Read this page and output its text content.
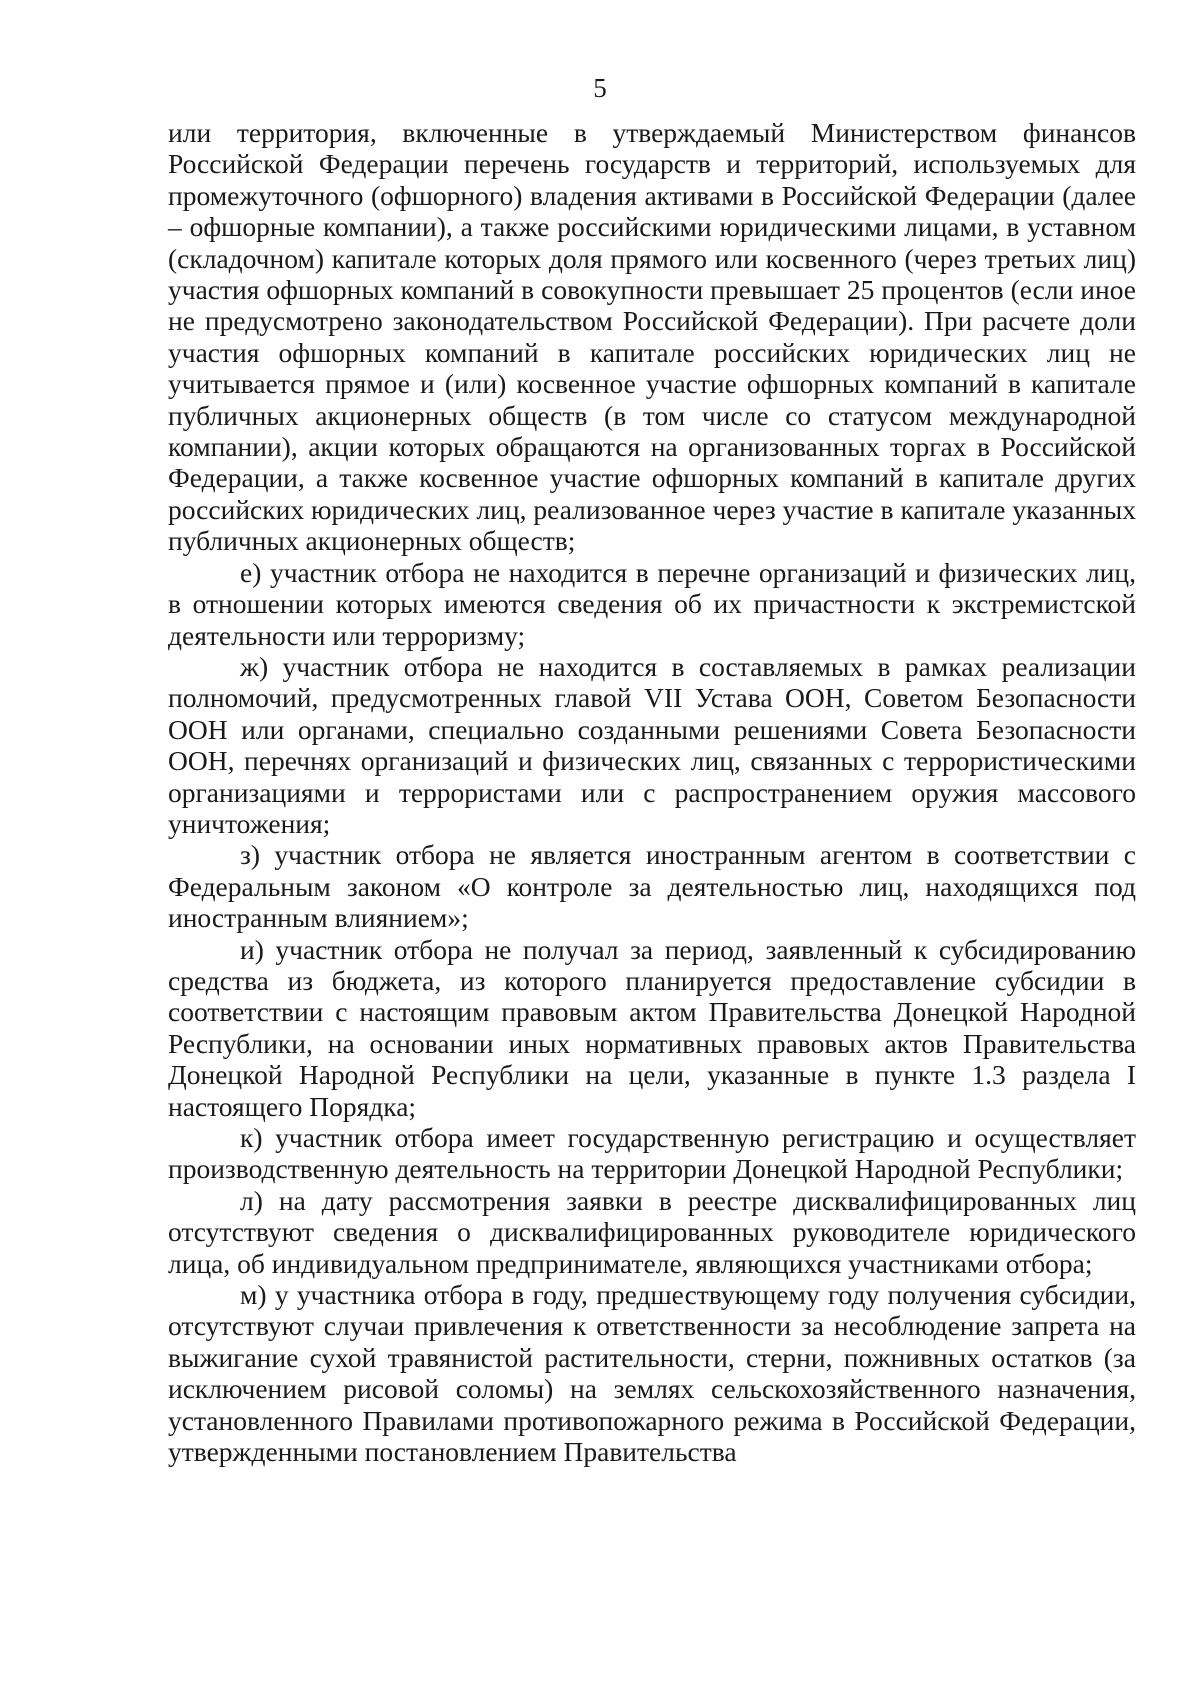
5

или территория, включенные в утверждаемый Министерством финансов Российской Федерации перечень государств и территорий, используемых для промежуточного (офшорного) владения активами в Российской Федерации (далее – офшорные компании), а также российскими юридическими лицами, в уставном (складочном) капитале которых доля прямого или косвенного (через третьих лиц) участия офшорных компаний в совокупности превышает 25 процентов (если иное не предусмотрено законодательством Российской Федерации). При расчете доли участия офшорных компаний в капитале российских юридических лиц не учитывается прямое и (или) косвенное участие офшорных компаний в капитале публичных акционерных обществ (в том числе со статусом международной компании), акции которых обращаются на организованных торгах в Российской Федерации, а также косвенное участие офшорных компаний в капитале других российских юридических лиц, реализованное через участие в капитале указанных публичных акционерных обществ;

е) участник отбора не находится в перечне организаций и физических лиц, в отношении которых имеются сведения об их причастности к экстремистской деятельности или терроризму;

ж) участник отбора не находится в составляемых в рамках реализации полномочий, предусмотренных главой VII Устава ООН, Советом Безопасности ООН или органами, специально созданными решениями Совета Безопасности ООН, перечнях организаций и физических лиц, связанных с террористическими организациями и террористами или с распространением оружия массового уничтожения;

з) участник отбора не является иностранным агентом в соответствии с Федеральным законом «О контроле за деятельностью лиц, находящихся под иностранным влиянием»;

и) участник отбора не получал за период, заявленный к субсидированию средства из бюджета, из которого планируется предоставление субсидии в соответствии с настоящим правовым актом Правительства Донецкой Народной Республики, на основании иных нормативных правовых актов Правительства Донецкой Народной Республики на цели, указанные в пункте 1.3 раздела I настоящего Порядка;

к) участник отбора имеет государственную регистрацию и осуществляет производственную деятельность на территории Донецкой Народной Республики;

л) на дату рассмотрения заявки в реестре дисквалифицированных лиц отсутствуют сведения о дисквалифицированных руководителе юридического лица, об индивидуальном предпринимателе, являющихся участниками отбора;

м) у участника отбора в году, предшествующему году получения субсидии, отсутствуют случаи привлечения к ответственности за несоблюдение запрета на выжигание сухой травянистой растительности, стерни, пожнивных остатков (за исключением рисовой соломы) на землях сельскохозяйственного назначения, установленного Правилами противопожарного режима в Российской Федерации, утвержденными постановлением Правительства
